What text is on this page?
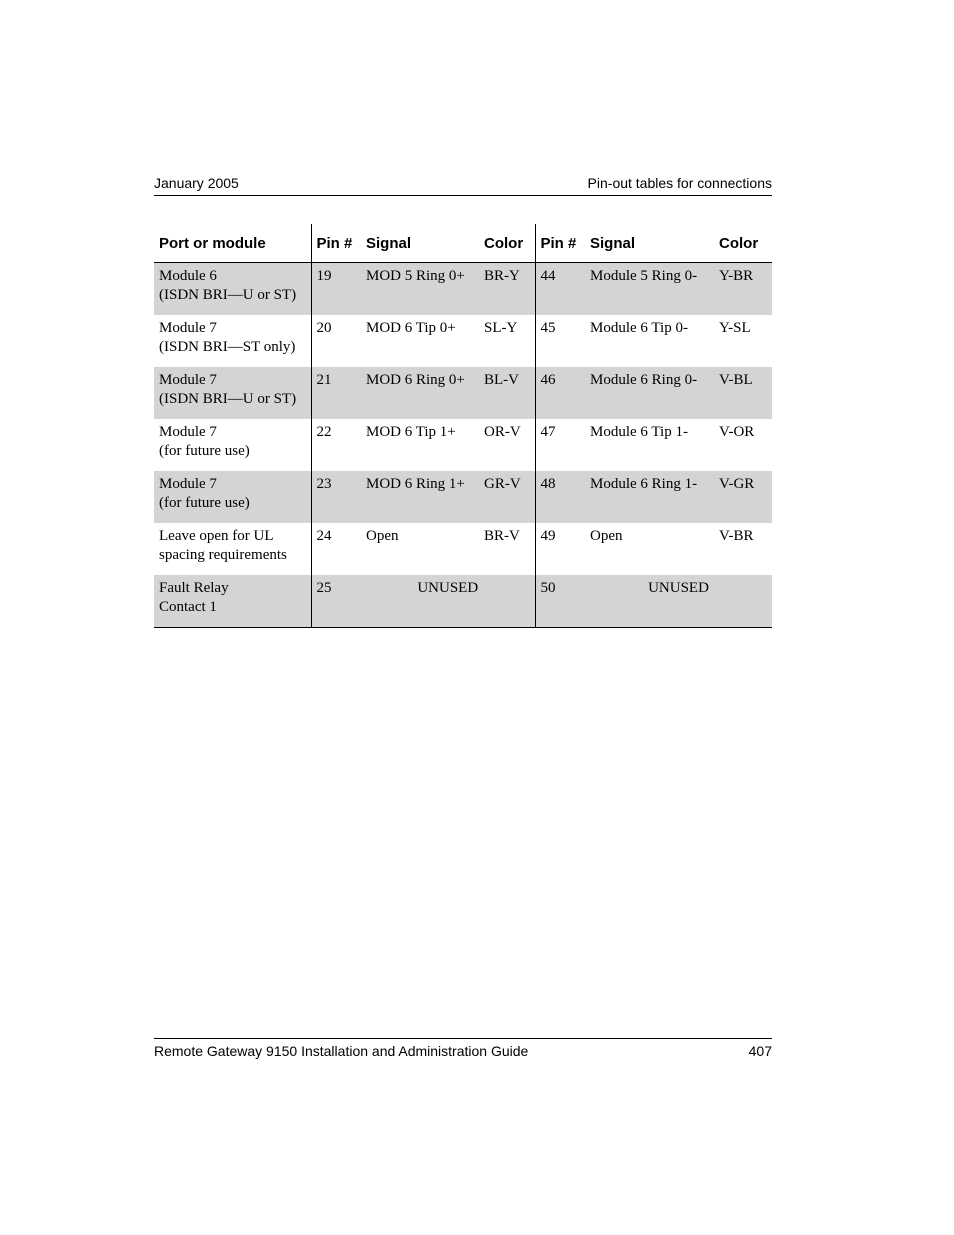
January 2005	Pin-out tables for connections
Port or module	Pin #	Signal	Color	Pin #	Signal	Color
Module 6
(ISDN BRI—U or ST)	19	MOD 5 Ring 0+	BR-Y	44	Module 5 Ring 0-	Y-BR
Module 7
(ISDN BRI—ST only)	20	MOD 6 Tip 0+	SL-Y	45	Module 6 Tip 0-	Y-SL
Module 7
(ISDN BRI—U or ST)	21	MOD 6 Ring 0+	BL-V	46	Module 6 Ring 0-	V-BL
Module 7
(for future use)	22	MOD 6 Tip 1+	OR-V	47	Module 6 Tip 1-	V-OR
Module 7
(for future use)	23	MOD 6 Ring 1+	GR-V	48	Module 6 Ring 1-	V-GR
Leave open for UL
spacing requirements	24	Open	BR-V	49	Open	V-BR
Fault Relay
Contact 1	25	UNUSED		50	UNUSED	
Remote Gateway 9150 Installation and Administration Guide	407
